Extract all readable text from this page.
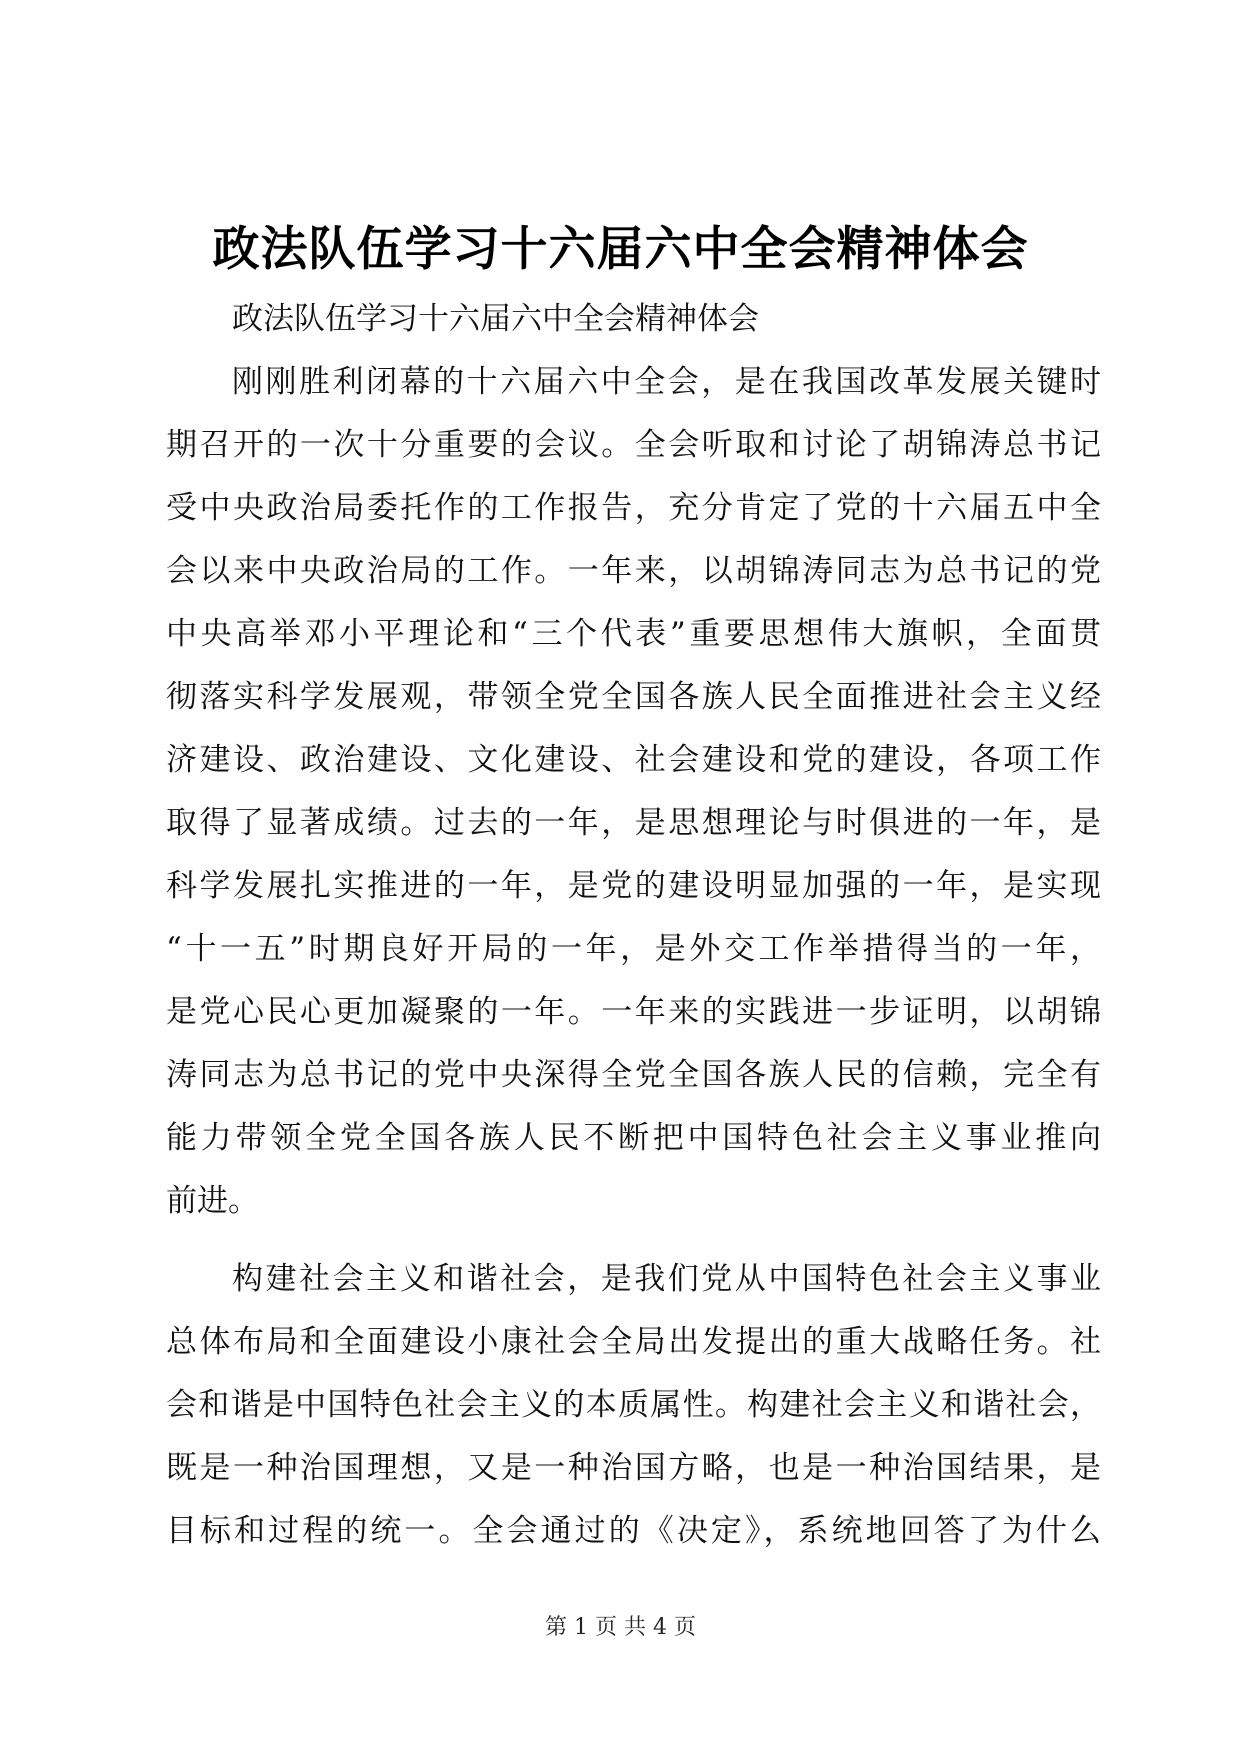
政法队伍学习十六届六中全会精神体会
政法队伍学习十六届六中全会精神体会
刚刚胜利闭幕的十六届六中全会，是在我国改革发展关键时
期召开的一次十分重要的会议。全会听取和讨论了胡锦涛总书记
受中央政治局委托作的工作报告，充分肯定了党的十六届五中全
会以来中央政治局的工作。一年来，以胡锦涛同志为总书记的党
中央高举邓小平理论和“三个代表”重要思想伟大旗帜，全面贯
彻落实科学发展观，带领全党全国各族人民全面推进社会主义经
济建设、政治建设、文化建设、社会建设和党的建设，各项工作
取得了显著成绩。过去的一年，是思想理论与时俱进的一年，是
科学发展扎实推进的一年，是党的建设明显加强的一年，是实现
“十一五”时期良好开局的一年，是外交工作举措得当的一年，
是党心民心更加凝聚的一年。一年来的实践进一步证明，以胡锦
涛同志为总书记的党中央深得全党全国各族人民的信赖，完全有
能力带领全党全国各族人民不断把中国特色社会主义事业推向
前进。
构建社会主义和谐社会，是我们党从中国特色社会主义事业
总体布局和全面建设小康社会全局出发提出的重大战略任务。社
会和谐是中国特色社会主义的本质属性。构建社会主义和谐社会，
既是一种治国理想，又是一种治国方略，也是一种治国结果，是
目标和过程的统一。全会通过的《决定》，系统地回答了为什么
第 1 页 共 4 页
